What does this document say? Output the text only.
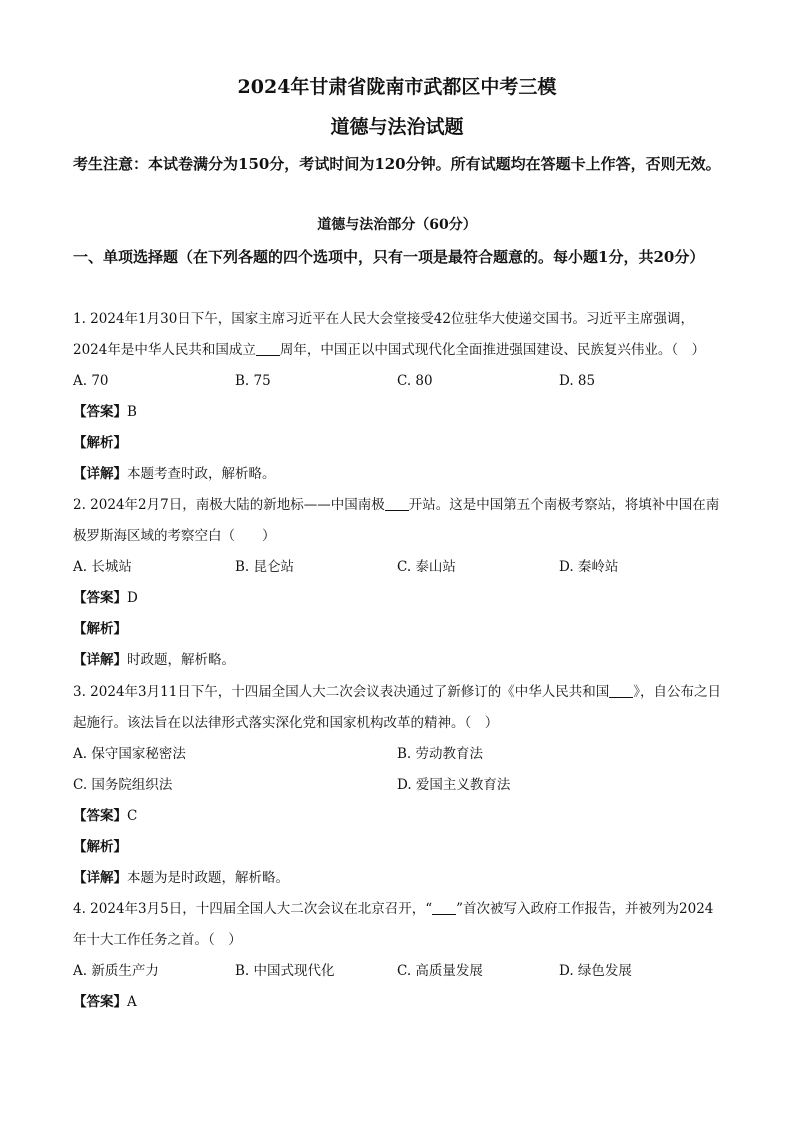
2024年甘肃省陇南市武都区中考三模
道德与法治试题
考生注意：本试卷满分为150分，考试时间为120分钟。所有试题均在答题卡上作答，否则无效。
道德与法治部分（60分）
一、单项选择题（在下列各题的四个选项中，只有一项是最符合题意的。每小题1分，共20分）
1. 2024年1月30日下午，国家主席习近平在人民大会堂接受42位驻华大使递交国书。习近平主席强调，2024年是中华人民共和国成立 周年，中国正以中国式现代化全面推进强国建设、民族复兴伟业。（　）
A. 70	B. 75	C. 80	D. 85
【答案】B
【解析】
【详解】本题考查时政，解析略。
2. 2024年2月7日，南极大陆的新地标——中国南极 开站。这是中国第五个南极考察站，将填补中国在南极罗斯海区域的考察空白（　　）
A. 长城站	B. 昆仑站	C. 泰山站	D. 秦岭站
【答案】D
【解析】
【详解】时政题，解析略。
3. 2024年3月11日下午，十四届全国人大二次会议表决通过了新修订的《中华人民共和国 》，自公布之日起施行。该法旨在以法律形式落实深化党和国家机构改革的精神。（　）
A. 保守国家秘密法	B. 劳动教育法
C. 国务院组织法	D. 爱国主义教育法
【答案】C
【解析】
【详解】本题为是时政题，解析略。
4. 2024年3月5日，十四届全国人大二次会议在北京召开，“ ”首次被写入政府工作报告，并被列为2024年十大工作任务之首。（　）
A. 新质生产力	B. 中国式现代化	C. 高质量发展	D. 绿色发展
【答案】A
